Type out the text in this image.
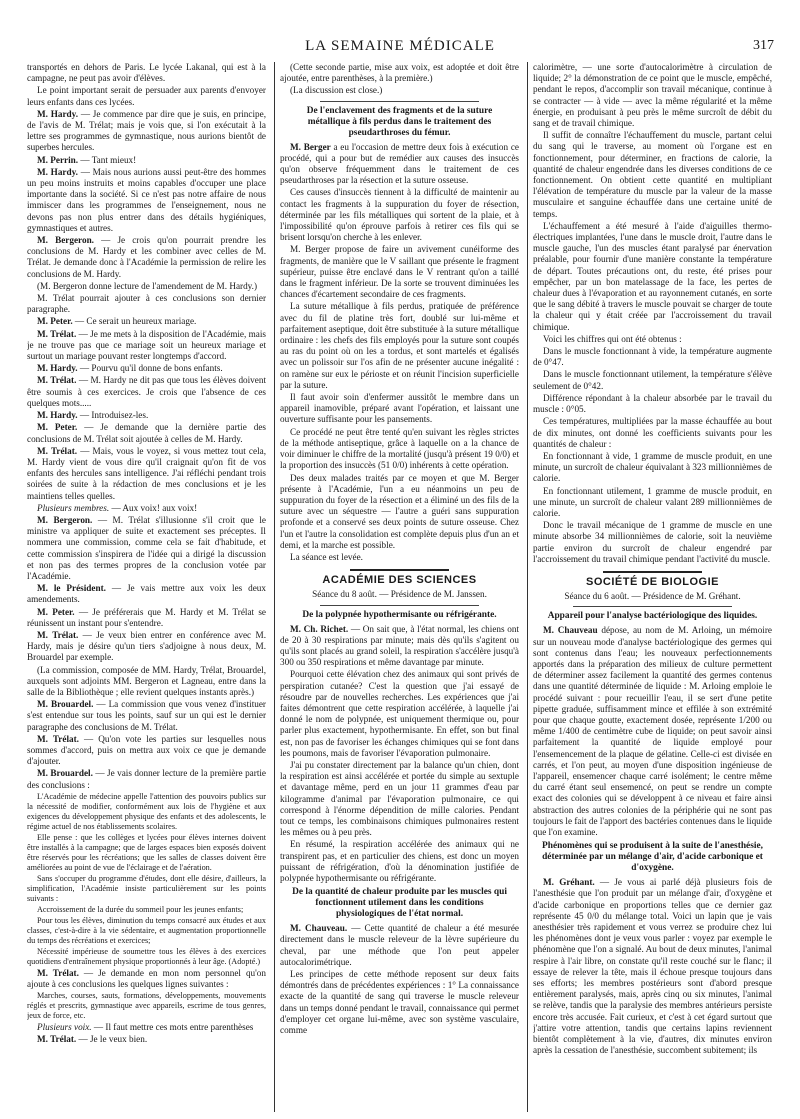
LA SEMAINE MÉDICALE	317

transportés en dehors de Paris. Le lycée Lakanal, qui est à la campagne, ne peut pas avoir d'élèves.

Le point important serait de persuader aux parents d'envoyer leurs enfants dans ces lycées.

M. Hardy. — Je commence par dire que je suis, en principe, de l'avis de M. Trélat; mais je vois que, si l'on exécutait à la lettre ses programmes de gymnastique, nous aurions bientôt de superbes hercules.

M. Perrin. — Tant mieux!

M. Hardy. — Mais nous aurions aussi peut-être des hommes un peu moins instruits et moins capables d'occuper une place importante dans la société. Si ce n'est pas notre affaire de nous immiscer dans les programmes de l'enseignement, nous ne devons pas non plus entrer dans des détails hygiéniques, gymnastiques et autres.

M. Bergeron. — Je crois qu'on pourrait prendre les conclusions de M. Hardy et les combiner avec celles de M. Trélat. Je demande donc à l'Académie la permission de relire les conclusions de M. Hardy.

(M. Bergeron donne lecture de l'amendement de M. Hardy.)

M. Trélat pourrait ajouter à ces conclusions son dernier paragraphe.

M. Peter. — Ce serait un heureux mariage.

M. Trélat. — Je me mets à la disposition de l'Académie, mais je ne trouve pas que ce mariage soit un heureux mariage et surtout un mariage pouvant rester longtemps d'accord.

M. Hardy. — Pourvu qu'il donne de bons enfants.

M. Trélat. — M. Hardy ne dit pas que tous les élèves doivent être soumis à ces exercices. Je crois que l'absence de ces quelques mots.....

M. Hardy. — Introduisez-les.

M. Peter. — Je demande que la dernière partie des conclusions de M. Trélat soit ajoutée à celles de M. Hardy.

M. Trélat. — Mais, vous le voyez, si vous mettez tout cela, M. Hardy vient de vous dire qu'il craignait qu'on fit de vos enfants des hercules sans intelligence. J'ai réfléchi pendant trois soirées de suite à la rédaction de mes conclusions et je les maintiens telles quelles.

Plusieurs membres. — Aux voix! aux voix!

M. Bergeron. — M. Trélat s'illusionne s'il croit que le ministre va appliquer de suite et exactement ses préceptes. Il nommera une commission, comme cela se fait d'habitude, et cette commission s'inspirera de l'idée qui a dirigé la discussion et non pas des termes propres de la conclusion votée par l'Académie.

M. le Président. — Je vais mettre aux voix les deux amendements.

M. Peter. — Je préférerais que M. Hardy et M. Trélat se réunissent un instant pour s'entendre.

M. Trélat. — Je veux bien entrer en conférence avec M. Hardy, mais je désire qu'un tiers s'adjoigne à nous deux, M. Brouardel par exemple.

(La commission, composée de MM. Hardy, Trélat, Brouardel, auxquels sont adjoints MM. Bergeron et Lagneau, entre dans la salle de la Bibliothèque ; elle revient quelques instants après.)

M. Brouardel. — La commission que vous venez d'instituer s'est entendue sur tous les points, sauf sur un qui est le dernier paragraphe des conclusions de M. Trélat.

M. Trélat. — Qu'on vote les parties sur lesquelles nous sommes d'accord, puis on mettra aux voix ce que je demande d'ajouter.

M. Brouardel. — Je vais donner lecture de la première partie des conclusions :

L'Académie de médecine appelle l'attention des pouvoirs publics sur la nécessité de modifier, conformément aux lois de l'hygiène et aux exigences du développement physique des enfants et des adolescents, le régime actuel de nos établissements scolaires.

Elle pense : que les collèges et lycées pour élèves internes doivent être installés à la campagne; que de larges espaces bien exposés doivent être réservés pour les récréations; que les salles de classes doivent être améliorées au point de vue de l'éclairage et de l'aération.

Sans s'occuper du programme d'études, dont elle désire, d'ailleurs, la simplification, l'Académie insiste particulièrement sur les points suivants :

Accroissement de la durée du sommeil pour les jeunes enfants;

Pour tous les élèves, diminution du temps consacré aux études et aux classes, c'est-à-dire à la vie sédentaire, et augmentation proportionnelle du temps des récréations et exercices;

Nécessité impérieuse de soumettre tous les élèves à des exercices quotidiens d'entraînement physique proportionnés à leur âge. (Adopté.)

M. Trélat. — Je demande en mon nom personnel qu'on ajoute à ces conclusions les quelques lignes suivantes :

Marches, courses, sauts, formations, développements, mouvements réglés et prescrits, gymnastique avec appareils, escrime de tous genres, jeux de force, etc.

Plusieurs voix. — Il faut mettre ces mots entre parenthèses

M. Trélat. — Je le veux bien.

(Cette seconde partie, mise aux voix, est adoptée et doit être ajoutée, entre parenthèses, à la première.)

(La discussion est close.)

De l'enclavement des fragments et de la suture métallique à fils perdus dans le traitement des pseudarthroses du fémur.

M. Berger a eu l'occasion de mettre deux fois à exécution ce procédé, qui a pour but de remédier aux causes des insuccès qu'on observe fréquemment dans le traitement de ces pseudarthroses par la résection et la suture osseuse.

Ces causes d'insuccès tiennent à la difficulté de maintenir au contact les fragments à la suppuration du foyer de résection, déterminée par les fils métalliques qui sortent de la plaie, et à l'impossibilité qu'on éprouve parfois à retirer ces fils qui se brisent lorsqu'on cherche à les enlever.

M. Berger propose de faire un avivement cunéiforme des fragments, de manière que le V saillant que présente le fragment supérieur, puisse être enclavé dans le V rentrant qu'on a taillé dans le fragment inférieur. De la sorte se trouvent diminuées les chances d'écartement secondaire de ces fragments.

La suture métallique à fils perdus, pratiquée de préférence avec du fil de platine très fort, doublé sur lui-même et parfaitement aseptique, doit être substituée à la suture métallique ordinaire : les chefs des fils employés pour la suture sont coupés au ras du point où on les a tordus, et sont martelés et égalisés avec un polissoir sur l'os afin de ne présenter aucune inégalité : on ramène sur eux le périoste et on réunit l'incision superficielle par la suture.

Il faut avoir soin d'enfermer aussitôt le membre dans un appareil inamovible, préparé avant l'opération, et laissant une ouverture suffisante pour les pansements.

Ce procédé ne peut être tenté qu'en suivant les règles strictes de la méthode antiseptique, grâce à laquelle on a la chance de voir diminuer le chiffre de la mortalité (jusqu'à présent 19 0/0) et la proportion des insuccès (51 0/0) inhérents à cette opération.

Des deux malades traités par ce moyen et que M. Berger présente à l'Académie, l'un a eu néanmoins un peu de suppuration du foyer de la résection et a éliminé un des fils de la suture avec un séquestre — l'autre a guéri sans suppuration profonde et a conservé ses deux points de suture osseuse. Chez l'un et l'autre la consolidation est complète depuis plus d'un an et demi, et la marche est possible.

La séance est levée.

ACADÉMIE DES SCIENCES

Séance du 8 août. — Présidence de M. Janssen.

De la polypnée hypothermisante ou réfrigérante.

M. Ch. Richet. — On sait que, à l'état normal, les chiens ont de 20 à 30 respirations par minute; mais dès qu'ils s'agitent ou qu'ils sont placés au grand soleil, la respiration s'accélère jusqu'à 300 ou 350 respirations et même davantage par minute.

Pourquoi cette élévation chez des animaux qui sont privés de perspiration cutanée? C'est la question que j'ai essayé de résoudre par de nouvelles recherches. Les expériences que j'ai faites démontrent que cette respiration accélérée, à laquelle j'ai donné le nom de polypnée, est uniquement thermique ou, pour parler plus exactement, hypothermisante. En effet, son but final est, non pas de favoriser les échanges chimiques qui se font dans les poumons, mais de favoriser l'évaporation pulmonaire.

J'ai pu constater directement par la balance qu'un chien, dont la respiration est ainsi accélérée et portée du simple au sextuple et davantage même, perd en un jour 11 grammes d'eau par kilogramme d'animal par l'évaporation pulmonaire, ce qui correspond à l'énorme dépendition de mille calories. Pendant tout ce temps, les combinaisons chimiques pulmonaires restent les mêmes ou à peu près.

En résumé, la respiration accélérée des animaux qui ne transpirent pas, et en particulier des chiens, est donc un moyen puissant de réfrigération, d'où la dénomination justifiée de polypnée hypothermisante ou réfrigérante.

De la quantité de chaleur produite par les muscles qui fonctionnent utilement dans les conditions physiologiques de l'état normal.

M. Chauveau. — Cette quantité de chaleur a été mesurée directement dans le muscle releveur de la lèvre supérieure du cheval, par une méthode que l'on peut appeler autocalorimétrique.

Les principes de cette méthode reposent sur deux faits démontrés dans de précédentes expériences : 1° La connaissance exacte de la quantité de sang qui traverse le muscle releveur dans un temps donné pendant le travail, connaissance qui permet d'employer cet organe lui-même, avec son système vasculaire, comme

calorimètre, — une sorte d'autocalorimètre à circulation de liquide; 2° la démonstration de ce point que le muscle, empêché, pendant le repos, d'accomplir son travail mécanique, continue à se contracter — à vide — avec la même régularité et la même énergie, en produisant à peu près le même surcroît de débit du sang et de travail chimique.

Il suffit de connaître l'échauffement du muscle, partant celui du sang qui le traverse, au moment où l'organe est en fonctionnement, pour déterminer, en fractions de calorie, la quantité de chaleur engendrée dans les diverses conditions de ce fonctionnement. On obtient cette quantité en multipliant l'élévation de température du muscle par la valeur de la masse musculaire et sanguine échauffée dans une certaine unité de temps.

L'échauffement a été mesuré à l'aide d'aiguilles thermo-électriques implantées, l'une dans le muscle droit, l'autre dans le muscle gauche, l'un des muscles étant paralysé par énervation préalable, pour fournir d'une manière constante la température de départ. Toutes précautions ont, du reste, été prises pour empêcher, par un bon matelassage de la face, les pertes de chaleur dues à l'évaporation et au rayonnement cutanés, en sorte que le sang débité à travers le muscle pouvait se charger de toute la chaleur qui y était créée par l'accroissement du travail chimique.

Voici les chiffres qui ont été obtenus :

Dans le muscle fonctionnant à vide, la température augmente de 0°47.

Dans le muscle fonctionnant utilement, la température s'élève seulement de 0°42.

Différence répondant à la chaleur absorbée par le travail du muscle : 0°05.

Ces températures, multipliées par la masse échauffée au bout de dix minutes, ont donné les coefficients suivants pour les quantités de chaleur :

En fonctionnant à vide, 1 gramme de muscle produit, en une minute, un surcroît de chaleur équivalant à 323 millionnièmes de calorie.

En fonctionnant utilement, 1 gramme de muscle produit, en une minute, un surcroît de chaleur valant 289 millionnièmes de calorie.

Donc le travail mécanique de 1 gramme de muscle en une minute absorbe 34 millionnièmes de calorie, soit la neuvième partie environ du surcroît de chaleur engendré par l'accroissement du travail chimique pendant l'activité du muscle.

SOCIÉTÉ DE BIOLOGIE

Séance du 6 août. — Présidence de M. Gréhant.

Appareil pour l'analyse bactériologique des liquides.

M. Chauveau dépose, au nom de M. Arloing, un mémoire sur un nouveau mode d'analyse bactériologique des germes qui sont contenus dans l'eau; les nouveaux perfectionnements apportés dans la préparation des milieux de culture permettent de déterminer assez facilement la quantité des germes contenus dans une quantité déterminée de liquide : M. Arloing emploie le procédé suivant : pour recueillir l'eau, il se sert d'une petite pipette graduée, suffisamment mince et effilée à son extrémité pour que chaque goutte, exactement dosée, représente 1/200 ou même 1/400 de centimètre cube de liquide; on peut savoir ainsi parfaitement la quantité de liquide employé pour l'ensemencement de la plaque de gélatine. Celle-ci est divisée en carrés, et l'on peut, au moyen d'une disposition ingénieuse de l'appareil, ensemencer chaque carré isolément; le centre même du carré étant seul ensemencé, on peut se rendre un compte exact des colonies qui se développent à ce niveau et faire ainsi abstraction des autres colonies de la périphérie qui ne sont pas toujours le fait de l'apport des bactéries contenues dans le liquide que l'on examine.

Phénomènes qui se produisent à la suite de l'anesthésie, déterminée par un mélange d'air, d'acide carbonique et d'oxygène.

M. Gréhant. — Je vous ai parlé déjà plusieurs fois de l'anesthésie que l'on produit par un mélange d'air, d'oxygène et d'acide carbonique en proportions telles que ce dernier gaz représente 45 0/0 du mélange total. Voici un lapin que je vais anesthésier très rapidement et vous verrez se produire chez lui les phénomènes dont je veux vous parler : voyez par exemple le phénomène que l'on a signalé. Au bout de deux minutes, l'animal respire à l'air libre, on constate qu'il reste couché sur le flanc; il essaye de relever la tête, mais il échoue presque toujours dans ses efforts; les membres postérieurs sont d'abord presque entièrement paralysés, mais, après cinq ou six minutes, l'animal se relève, tandis que la paralysie des membres antérieurs persiste encore très accusée. Fait curieux, et c'est à cet égard surtout que j'attire votre attention, tandis que certains lapins reviennent bientôt complètement à la vie, d'autres, dix minutes environ après la cessation de l'anesthésie, succombent subitement; ils
